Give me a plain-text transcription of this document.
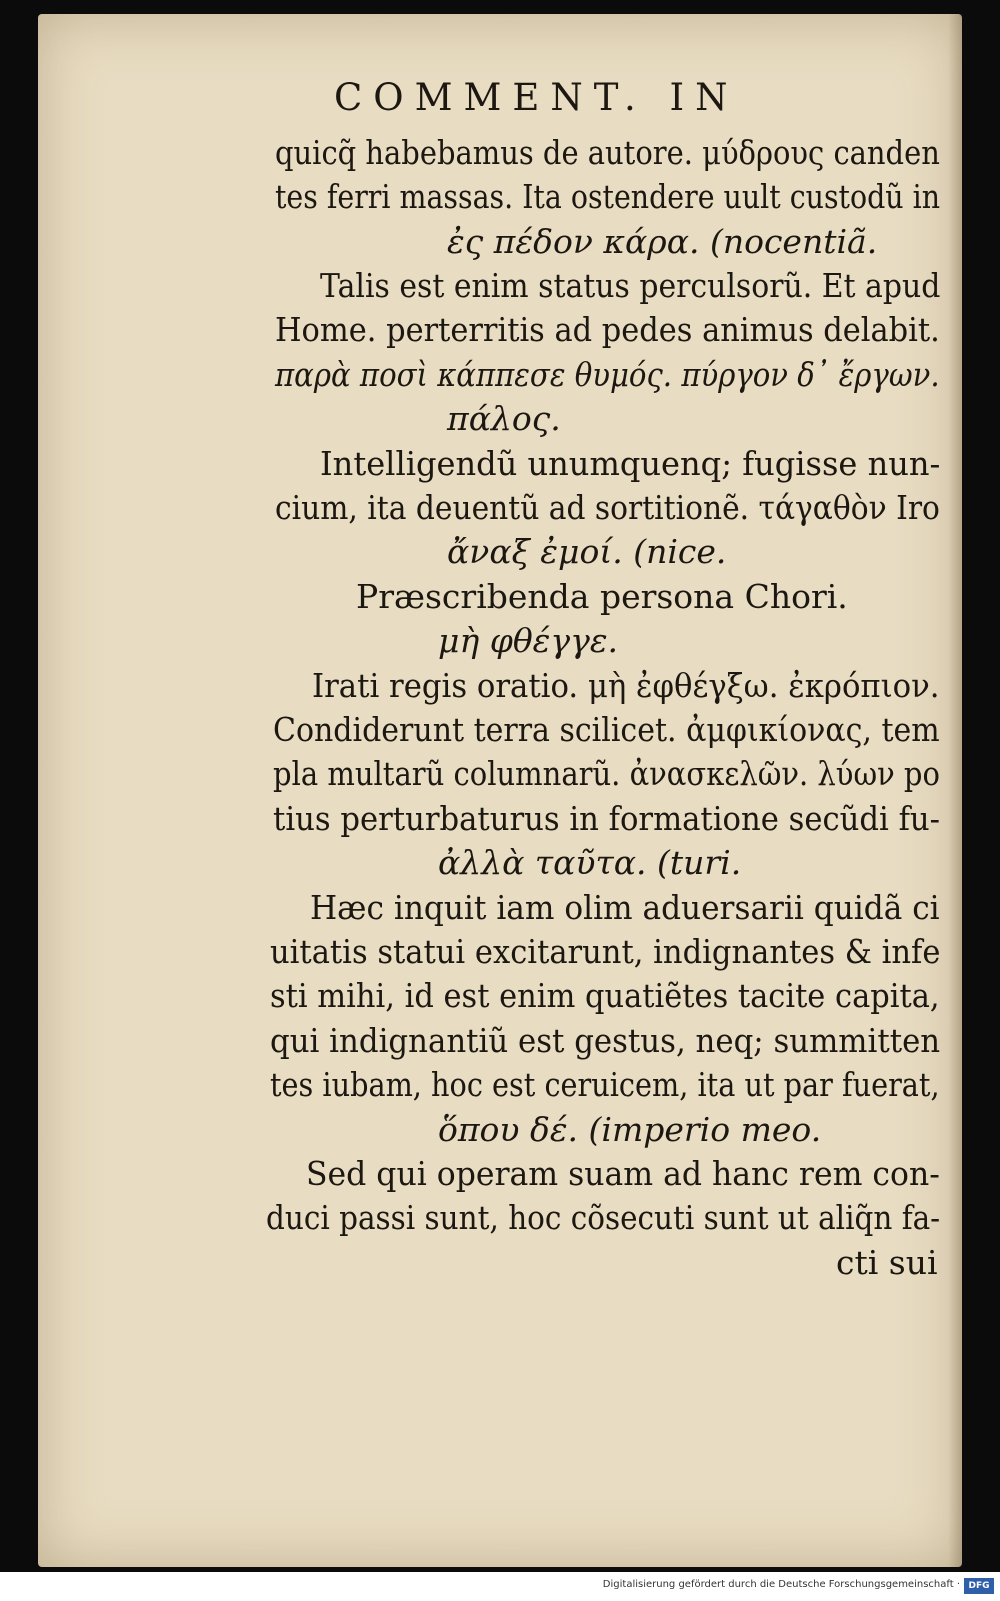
COMMENT. IN
quicq̃ habebamus de autore. μύδρους canden
tes ferri massas. Ita ostendere uult custodũ in
ἐς πέδον κάρα. (nocentiã.
Talis est enim status perculsorũ. Et apud
Home. perterritis ad pedes animus delabit.
παρὰ ποσὶ κάππεσε θυμός. πύργον δ᾽ ἔργων.
πάλος.
Intelligendũ unumquenq; fugisse nun-
cium, ita deuentũ ad sortitionẽ. τάγαθὸν Iro
ἄναξ ἐμοί. (nice.
Præscribenda persona Chori.
μὴ φθέγγε.
Irati regis oratio. μὴ ἐφθέγξω. ἐκρόπιον.
Condiderunt terra scilicet. ἀμφικίονας, tem
pla multarũ columnarũ. ἀνασκελῶν. λύων po
tius perturbaturus in formatione secũdi fu-
ἀλλὰ ταῦτα. (turi.
Hæc inquit iam olim aduersarii quidã ci
uitatis statui excitarunt, indignantes & infe
sti mihi, id est enim quatiẽtes tacite capita,
qui indignantiũ est gestus, neq; summitten
tes iubam, hoc est ceruicem, ita ut par fuerat,
ὅπου δέ. (imperio meo.
Sed qui operam suam ad hanc rem con-
duci passi sunt, hoc cõsecuti sunt ut aliq̃n fa-
cti sui
Digitalisierung gefördert durch die Deutsche Forschungsgemeinschaft · DFG
